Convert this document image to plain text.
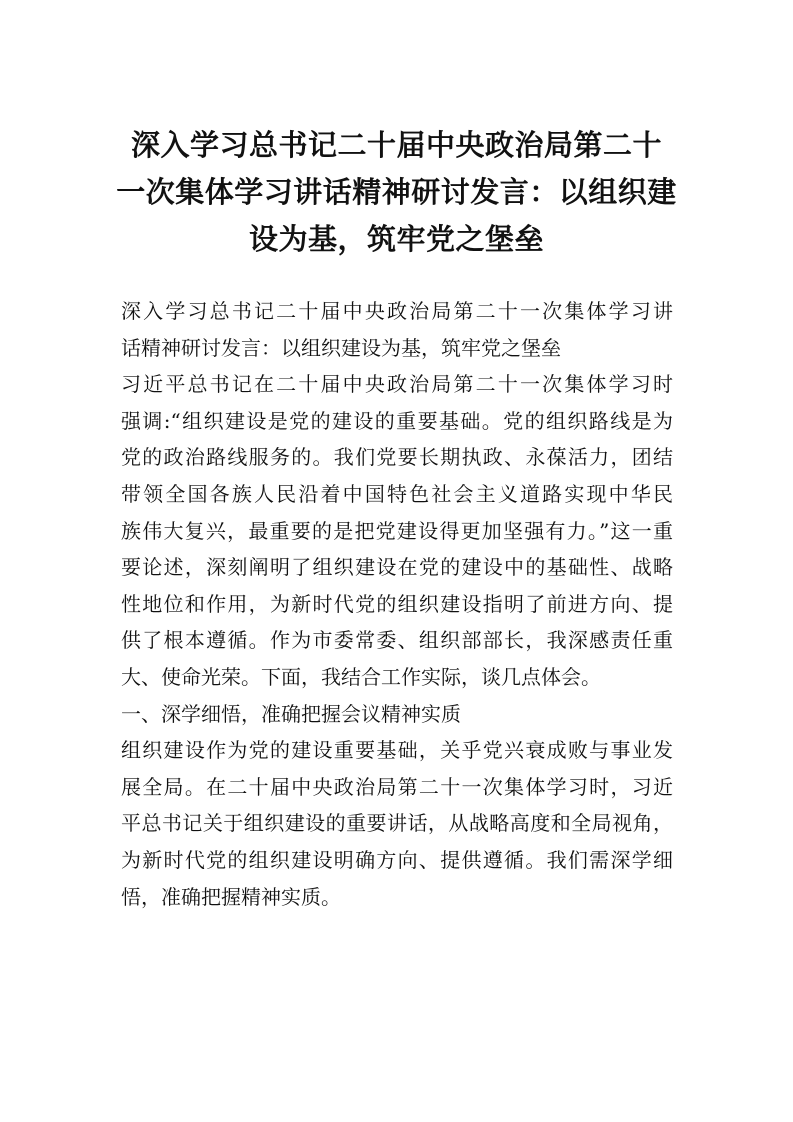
深入学习总书记二十届中央政治局第二十
一次集体学习讲话精神研讨发言：以组织建
设为基，筑牢党之堡垒
深入学习总书记二十届中央政治局第二十一次集体学习讲
话精神研讨发言：以组织建设为基，筑牢党之堡垒
习近平总书记在二十届中央政治局第二十一次集体学习时
强调:“组织建设是党的建设的重要基础。党的组织路线是为
党的政治路线服务的。我们党要长期执政、永葆活力，团结
带领全国各族人民沿着中国特色社会主义道路实现中华民
族伟大复兴，最重要的是把党建设得更加坚强有力。”这一重
要论述，深刻阐明了组织建设在党的建设中的基础性、战略
性地位和作用，为新时代党的组织建设指明了前进方向、提
供了根本遵循。作为市委常委、组织部部长，我深感责任重
大、使命光荣。下面，我结合工作实际，谈几点体会。
一、深学细悟，准确把握会议精神实质
组织建设作为党的建设重要基础，关乎党兴衰成败与事业发
展全局。在二十届中央政治局第二十一次集体学习时，习近
平总书记关于组织建设的重要讲话，从战略高度和全局视角，
为新时代党的组织建设明确方向、提供遵循。我们需深学细
悟，准确把握精神实质。
